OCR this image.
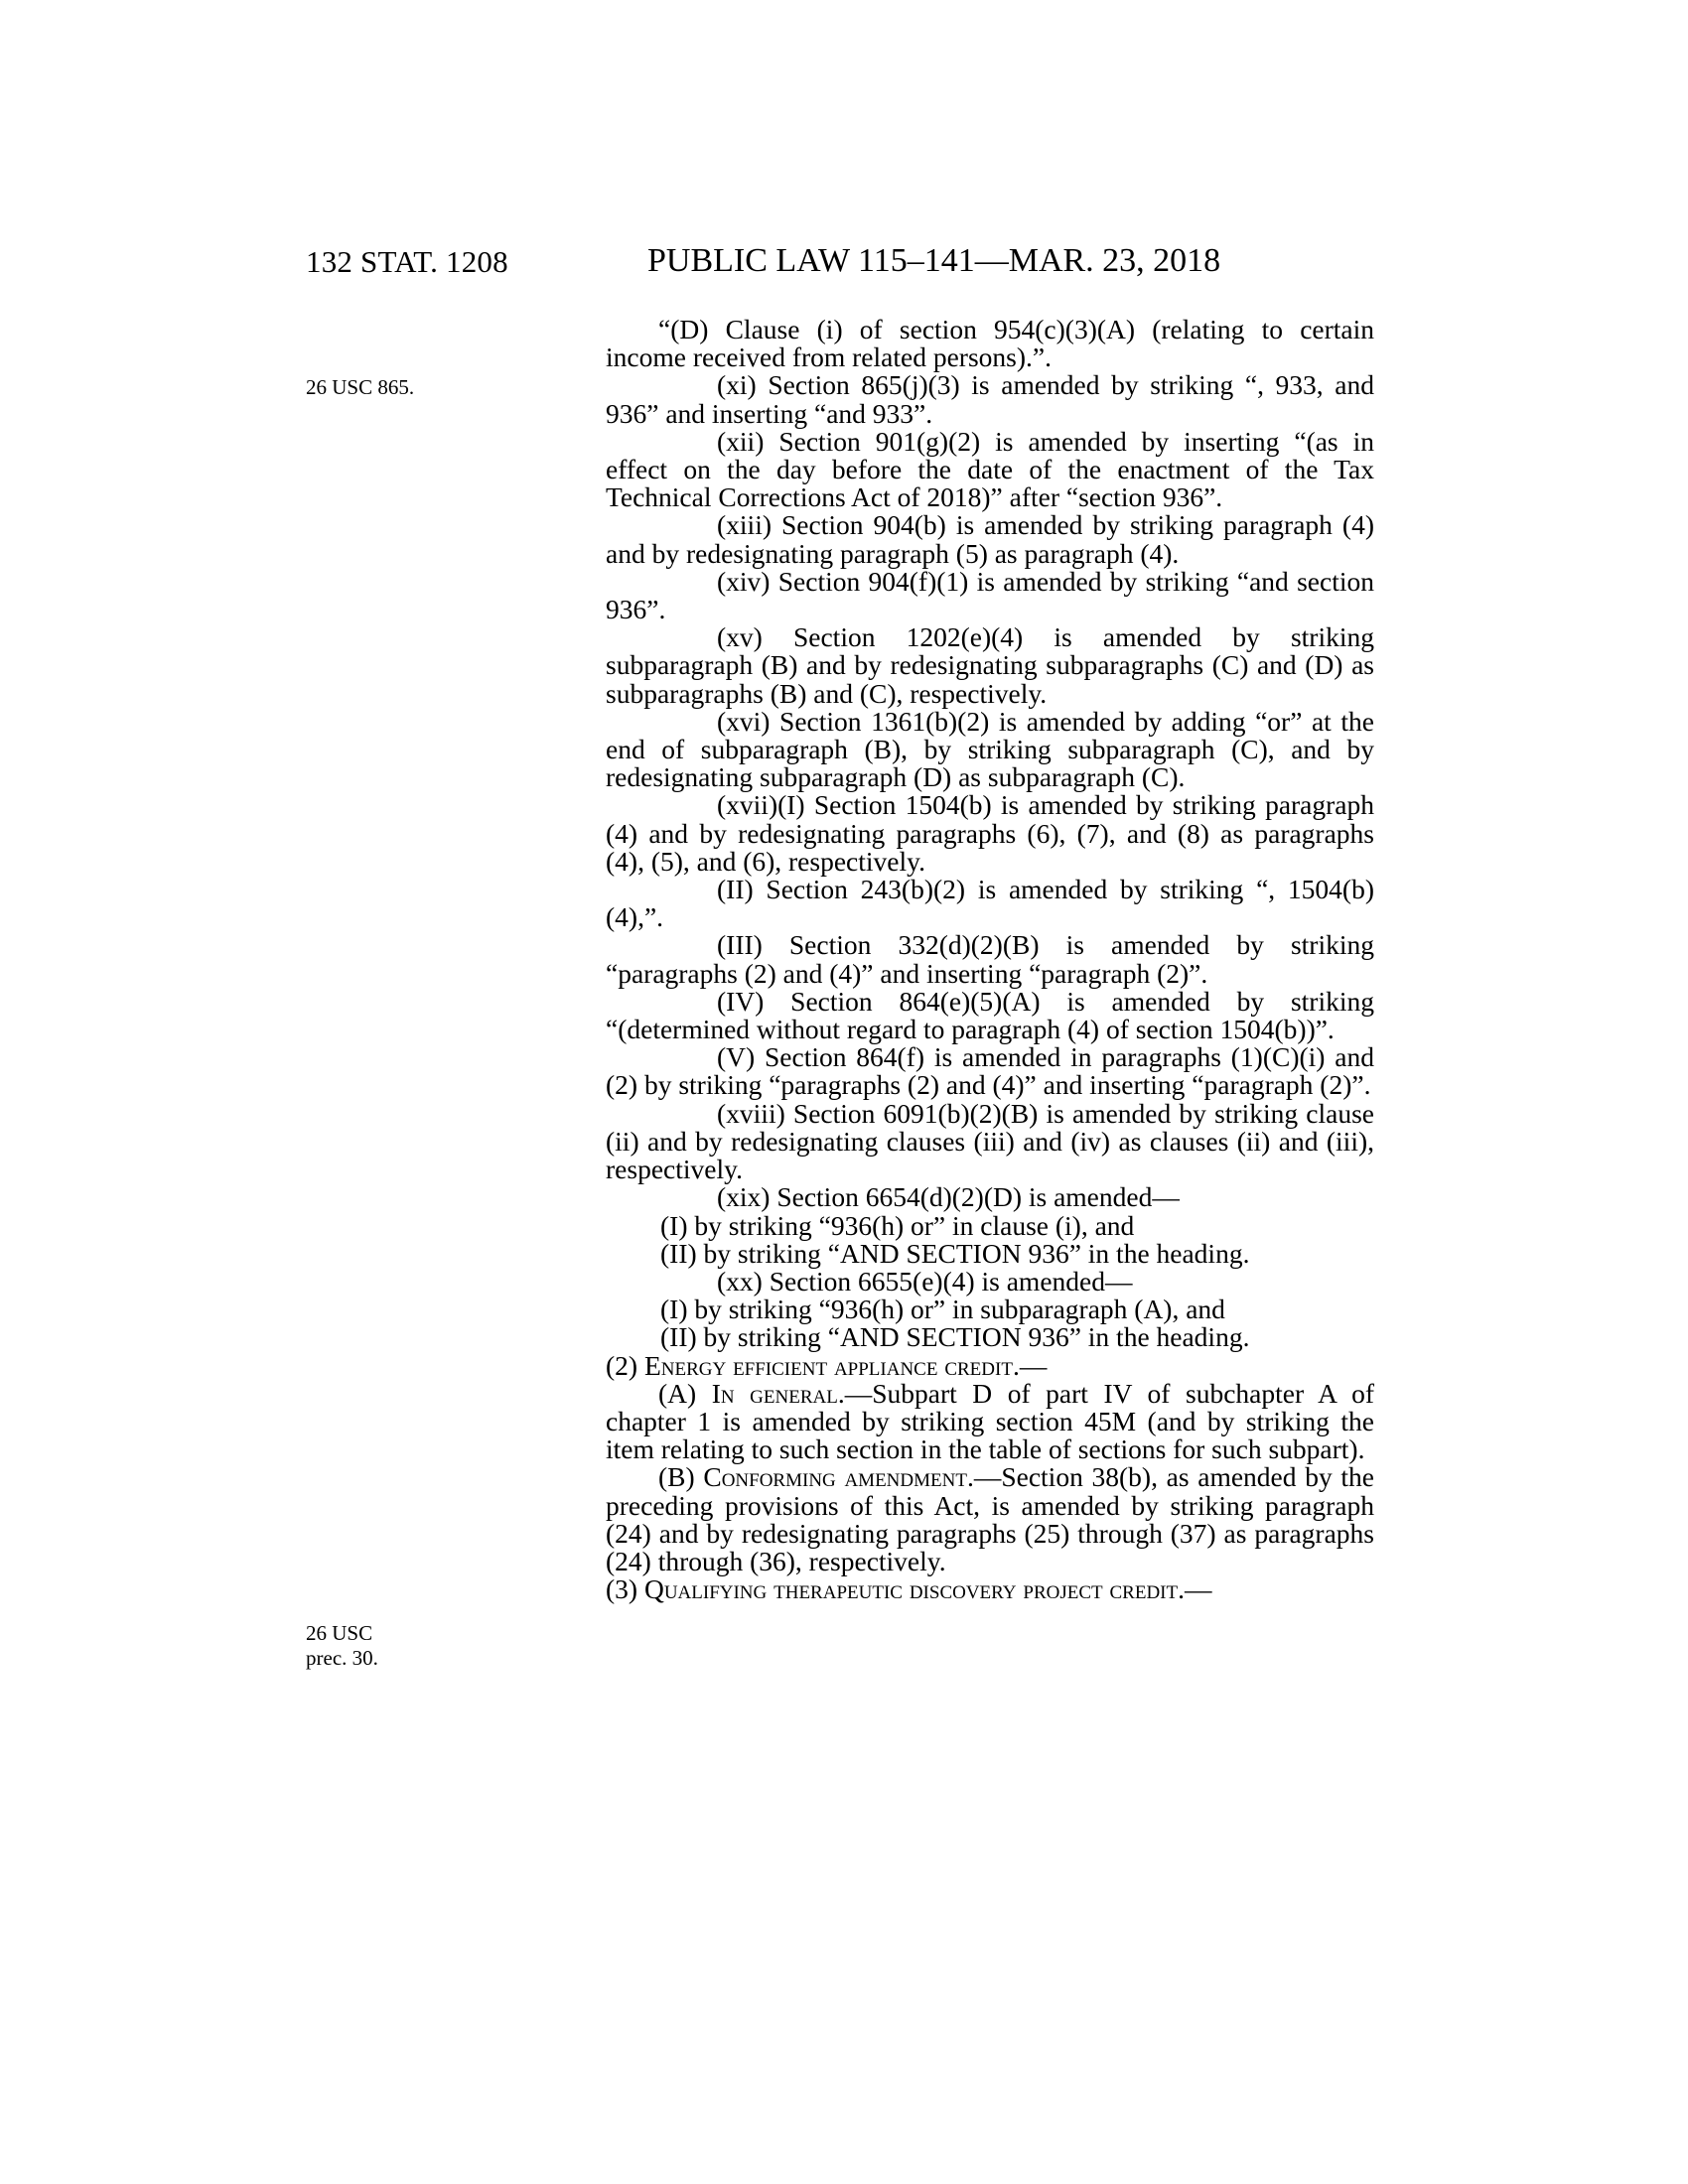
132 STAT. 1208	PUBLIC LAW 115–141—MAR. 23, 2018
26 USC 865.
26 USC
prec. 30.

“(D) Clause (i) of section 954(c)(3)(A) (relating to certain income received from related persons).”.

(xi) Section 865(j)(3) is amended by striking “, 933, and 936” and inserting “and 933”.

(xii) Section 901(g)(2) is amended by inserting “(as in effect on the day before the date of the enactment of the Tax Technical Corrections Act of 2018)” after “section 936”.

(xiii) Section 904(b) is amended by striking paragraph (4) and by redesignating paragraph (5) as paragraph (4).

(xiv) Section 904(f)(1) is amended by striking “and section 936”.

(xv) Section 1202(e)(4) is amended by striking subparagraph (B) and by redesignating subparagraphs (C) and (D) as subparagraphs (B) and (C), respectively.

(xvi) Section 1361(b)(2) is amended by adding “or” at the end of subparagraph (B), by striking subparagraph (C), and by redesignating subparagraph (D) as subparagraph (C).

(xvii)(I) Section 1504(b) is amended by striking paragraph (4) and by redesignating paragraphs (6), (7), and (8) as paragraphs (4), (5), and (6), respectively.

(II) Section 243(b)(2) is amended by striking “, 1504(b)(4),”.

(III) Section 332(d)(2)(B) is amended by striking “paragraphs (2) and (4)” and inserting “paragraph (2)”.

(IV) Section 864(e)(5)(A) is amended by striking “(determined without regard to paragraph (4) of section 1504(b))”.

(V) Section 864(f) is amended in paragraphs (1)(C)(i) and (2) by striking “paragraphs (2) and (4)” and inserting “paragraph (2)”.

(xviii) Section 6091(b)(2)(B) is amended by striking clause (ii) and by redesignating clauses (iii) and (iv) as clauses (ii) and (iii), respectively.

(xix) Section 6654(d)(2)(D) is amended—

(I) by striking “936(h) or” in clause (i), and

(II) by striking “AND SECTION 936” in the heading.

(xx) Section 6655(e)(4) is amended—

(I) by striking “936(h) or” in subparagraph (A), and

(II) by striking “AND SECTION 936” in the heading.

(2) Energy efficient appliance credit.—

(A) In general.—Subpart D of part IV of subchapter A of chapter 1 is amended by striking section 45M (and by striking the item relating to such section in the table of sections for such subpart).

(B) Conforming amendment.—Section 38(b), as amended by the preceding provisions of this Act, is amended by striking paragraph (24) and by redesignating paragraphs (25) through (37) as paragraphs (24) through (36), respectively.

(3) Qualifying therapeutic discovery project credit.—
